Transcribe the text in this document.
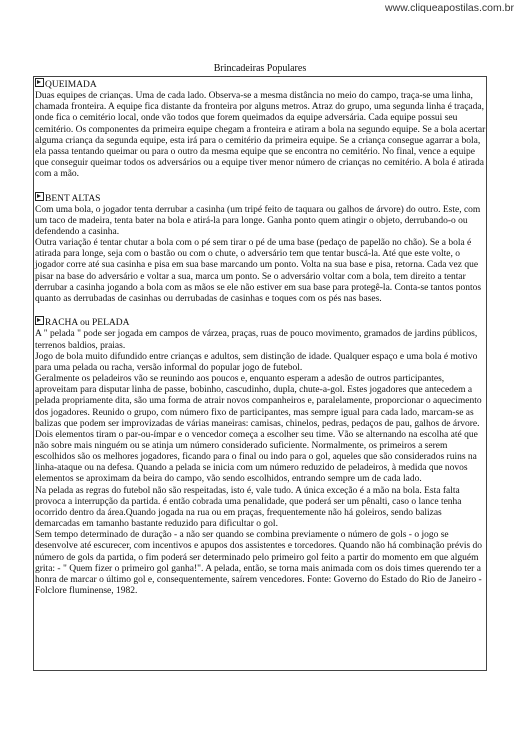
www.cliqueapostilas.com.br
Brincadeiras Populares
QUEIMADA

Duas equipes de crianças. Uma de cada lado. Observa-se a mesma distância no meio do campo, traça-se uma linha, chamada fronteira. A equipe fica distante da fronteira por alguns metros. Atraz do grupo, uma segunda linha é traçada, onde fica o cemitério local, onde vão todos que forem queimados da equipe adversária. Cada equipe possui seu cemitério. Os componentes da primeira equipe chegam a fronteira e atiram a bola na segundo equipe. Se a bola acertar alguma criança da segunda equipe, esta irá para o cemitério da primeira equipe. Se a criança consegue agarrar a bola, ela passa tentando queimar ou para o outro da mesma equipe que se encontra no cemitério. No final, vence a equipe que conseguir queimar todos os adversários ou a equipe tiver menor número de crianças no cemitério. A bola é atirada com a mão.

BENT ALTAS

Com uma bola, o jogador tenta derrubar a casinha (um tripé feito de taquara ou galhos de árvore) do outro. Este, com um taco de madeira, tenta bater na bola e atirá-la para longe. Ganha ponto quem atingir o objeto, derrubando-o ou defendendo a casinha.

Outra variação é tentar chutar a bola com o pé sem tirar o pé de uma base (pedaço de papelão no chão). Se a bola é atirada para longe, seja com o bastão ou com o chute, o adversário tem que tentar buscá-la. Até que este volte, o jogador corre até sua casinha e pisa em sua base marcando um ponto. Volta na sua base e pisa, retorna. Cada vez que pisar na base do adversário e voltar a sua, marca um ponto. Se o adversário voltar com a bola, tem direito a tentar derrubar a casinha jogando a bola com as mãos se ele não estiver em sua base para protegê-la. Conta-se tantos pontos quanto as derrubadas de casinhas ou derrubadas de casinhas e toques com os pés nas bases.

RACHA ou PELADA

A " pelada " pode ser jogada em campos de várzea, praças, ruas de pouco movimento, gramados de jardins públicos, terrenos baldios, praias.

Jogo de bola muito difundido entre crianças e adultos, sem distinção de idade. Qualquer espaço e uma bola é motivo para uma pelada ou racha, versão informal do popular jogo de futebol.

Geralmente os peladeiros vão se reunindo aos poucos e, enquanto esperam a adesão de outros participantes, aproveitam para disputar linha de passe, bobinho, cascudinho, dupla, chute-a-gol. Estes jogadores que antecedem a pelada propriamente dita, são uma forma de atrair novos companheiros e, paralelamente, proporcionar o aquecimento dos jogadores. Reunido o grupo, com número fixo de participantes, mas sempre igual para cada lado, marcam-se as balizas que podem ser improvizadas de várias maneiras: camisas, chinelos, pedras, pedaços de pau, galhos de árvore.

Dois elementos tiram o par-ou-ímpar e o vencedor começa a escolher seu time. Vão se alternando na escolha até que não sobre mais ninguém ou se atinja um número considerado suficiente. Normalmente, os primeiros a serem escolhidos são os melhores jogadores, ficando para o final ou indo para o gol, aqueles que são considerados ruins na linha-ataque ou na defesa. Quando a pelada se inicia com um número reduzido de peladeiros, à medida que novos elementos se aproximam da beira do campo, vão sendo escolhidos, entrando sempre um de cada lado.

Na pelada as regras do futebol não são respeitadas, isto é, vale tudo. A única exceção é a mão na bola. Esta falta provoca a interrupção da partida. é então cobrada uma penalidade, que poderá ser um pênalti, caso o lance tenha ocorrido dentro da área.Quando jogada na rua ou em praças, frequentemente não há goleiros, sendo balizas demarcadas em tamanho bastante reduzido para dificultar o gol.

Sem tempo determinado de duração - a não ser quando se combina previamente o número de gols - o jogo se desenvolve até escurecer, com incentivos e apupos dos assistentes e torcedores. Quando não há combinação prévis do número de gols da partida, o fim poderá ser determinado pelo primeiro gol feito a partir do momento em que alguém grita: - " Quem fizer o primeiro gol ganha!". A pelada, então, se torna mais animada com os dois times querendo ter a honra de marcar o último gol e, consequentemente, saírem vencedores. Fonte: Governo do Estado do Rio de Janeiro - Folclore fluminense, 1982.
